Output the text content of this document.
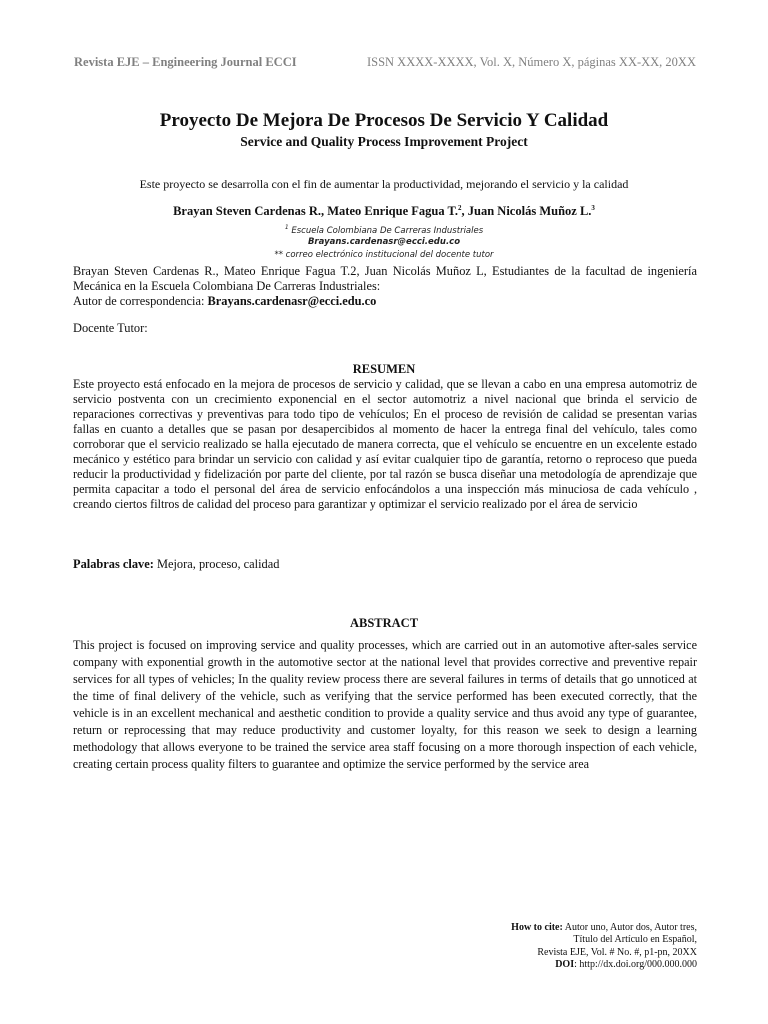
Revista EJE – Engineering Journal ECCI	ISSN XXXX-XXXX, Vol. X, Número X, páginas XX-XX, 20XX
Proyecto De Mejora De Procesos De Servicio Y Calidad
Service and Quality Process Improvement Project
Este proyecto se desarrolla con el fin de aumentar la productividad, mejorando el servicio y la calidad
Brayan Steven Cardenas R., Mateo Enrique Fagua T.$^2$, Juan Nicolás Muñoz L.$^3$
$^1$ Escuela Colombiana De Carreras Industriales
Brayans.cardenasr@ecci.edu.co
** correo electrónico institucional del docente tutor
Brayan Steven Cardenas R., Mateo Enrique Fagua T.2, Juan Nicolás Muñoz L, Estudiantes de la facultad de ingeniería Mecánica en la Escuela Colombiana De Carreras Industriales:
Autor de correspondencia: Brayans.cardenasr@ecci.edu.co
Docente Tutor:
RESUMEN
Este proyecto está enfocado en la mejora de procesos de servicio y calidad, que se llevan a cabo en una empresa automotriz de servicio postventa con un crecimiento exponencial en el sector automotriz a nivel nacional que brinda el servicio de reparaciones correctivas y preventivas para todo tipo de vehículos; En el proceso de revisión de calidad se presentan varias fallas en cuanto a detalles que se pasan por desapercibidos al momento de hacer la entrega final del vehículo, tales como corroborar que el servicio realizado se halla ejecutado de manera correcta, que el vehículo se encuentre en un excelente estado mecánico y estético para brindar un servicio con calidad y así evitar cualquier tipo de garantía, retorno o reproceso que pueda reducir la productividad y fidelización por parte del cliente, por tal razón se busca diseñar una metodología de aprendizaje que permita capacitar a todo el personal del área de servicio enfocándolos a una inspección más minuciosa de cada vehículo , creando ciertos filtros de calidad del proceso para garantizar y optimizar el servicio realizado por el área de servicio
Palabras clave: Mejora, proceso, calidad
ABSTRACT
This project is focused on improving service and quality processes, which are carried out in an automotive after-sales service company with exponential growth in the automotive sector at the national level that provides corrective and preventive repair services for all types of vehicles; In the quality review process there are several failures in terms of details that go unnoticed at the time of final delivery of the vehicle, such as verifying that the service performed has been executed correctly, that the vehicle is in an excellent mechanical and aesthetic condition to provide a quality service and thus avoid any type of guarantee, return or reprocessing that may reduce productivity and customer loyalty, for this reason we seek to design a learning methodology that allows everyone to be trained the service area staff focusing on a more thorough inspection of each vehicle, creating certain process quality filters to guarantee and optimize the service performed by the service area
How to cite: Autor uno, Autor dos, Autor tres,
Título del Artículo en Español,
Revista EJE, Vol. # No. #, p1-pn, 20XX
DOI: http://dx.doi.org/000.000.000
